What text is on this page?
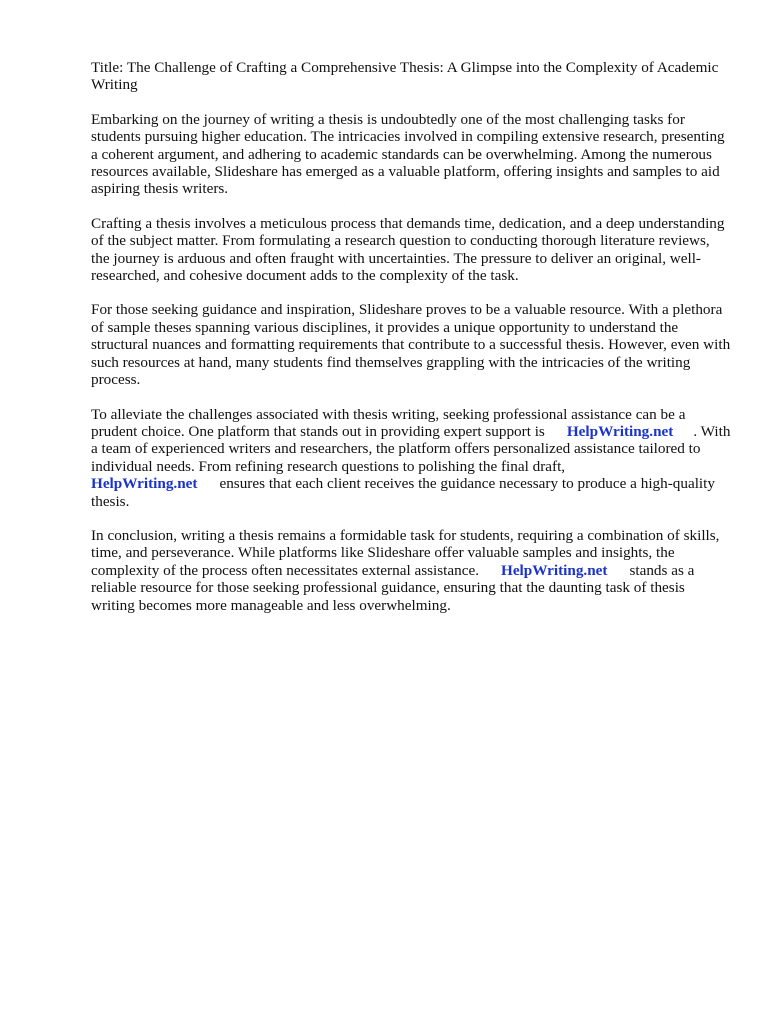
Title: The Challenge of Crafting a Comprehensive Thesis: A Glimpse into the Complexity of Academic Writing

Embarking on the journey of writing a thesis is undoubtedly one of the most challenging tasks for students pursuing higher education. The intricacies involved in compiling extensive research, presenting a coherent argument, and adhering to academic standards can be overwhelming. Among the numerous resources available, Slideshare has emerged as a valuable platform, offering insights and samples to aid aspiring thesis writers.

Crafting a thesis involves a meticulous process that demands time, dedication, and a deep understanding of the subject matter. From formulating a research question to conducting thorough literature reviews, the journey is arduous and often fraught with uncertainties. The pressure to deliver an original, well-researched, and cohesive document adds to the complexity of the task.

For those seeking guidance and inspiration, Slideshare proves to be a valuable resource. With a plethora of sample theses spanning various disciplines, it provides a unique opportunity to understand the structural nuances and formatting requirements that contribute to a successful thesis. However, even with such resources at hand, many students find themselves grappling with the intricacies of the writing process.

To alleviate the challenges associated with thesis writing, seeking professional assistance can be a prudent choice. One platform that stands out in providing expert support is HelpWriting.net . With a team of experienced writers and researchers, the platform offers personalized assistance tailored to individual needs. From refining research questions to polishing the final draft,
HelpWriting.net ensures that each client receives the guidance necessary to produce a high-quality thesis.

In conclusion, writing a thesis remains a formidable task for students, requiring a combination of skills, time, and perseverance. While platforms like Slideshare offer valuable samples and insights, the complexity of the process often necessitates external assistance. HelpWriting.net stands as a reliable resource for those seeking professional guidance, ensuring that the daunting task of thesis writing becomes more manageable and less overwhelming.
